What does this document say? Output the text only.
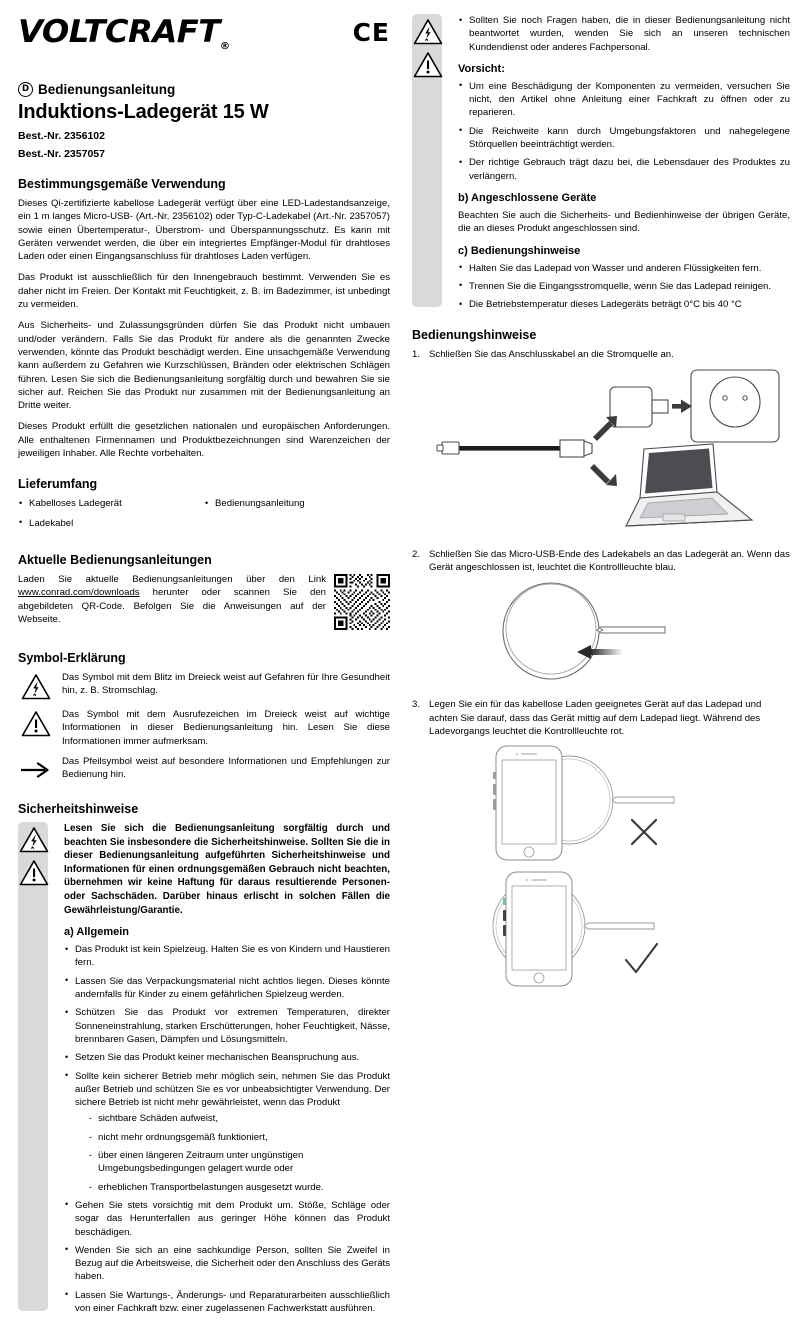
$VOLTCRAFT_®$	CE
D Bedienungsanleitung
Induktions-Ladegerät 15 W
Best.-Nr. 2356102
Best.-Nr. 2357057
Bestimmungsgemäße Verwendung

Dieses Qi-zertifizierte kabellose Ladegerät verfügt über eine LED-Ladestandsanzeige, ein 1 m langes Micro-USB- (Art.-Nr. 2356102) oder Typ-C-Ladekabel (Art.-Nr. 2357057) sowie einen Übertemperatur-, Überstrom- und Überspannungsschutz. Es kann mit Geräten verwendet werden, die über ein integriertes Empfänger-Modul für drahtloses Laden oder einen Eingangsanschluss für drahtloses Laden verfügen.

Das Produkt ist ausschließlich für den Innengebrauch bestimmt. Verwenden Sie es daher nicht im Freien. Der Kontakt mit Feuchtigkeit, z. B. im Badezimmer, ist unbedingt zu vermeiden.

Aus Sicherheits- und Zulassungsgründen dürfen Sie das Produkt nicht umbauen und/oder verändern. Falls Sie das Produkt für andere als die genannten Zwecke verwenden, könnte das Produkt beschädigt werden. Eine unsachgemäße Verwendung kann außerdem zu Gefahren wie Kurzschlüssen, Bränden oder elektrischen Schlägen führen. Lesen Sie sich die Bedienungsanleitung sorgfältig durch und bewahren Sie sie sicher auf. Reichen Sie das Produkt nur zusammen mit der Bedienungsanleitung an Dritte weiter.

Dieses Produkt erfüllt die gesetzlichen nationalen und europäischen Anforderungen. Alle enthaltenen Firmennamen und Produktbezeichnungen sind Warenzeichen der jeweiligen Inhaber. Alle Rechte vorbehalten.

Lieferumfang
• Kabelloses Ladegerät
• Ladekabel
• Bedienungsanleitung
Aktuelle Bedienungsanleitungen

Laden Sie aktuelle Bedienungsanleitungen über den Link www.conrad.com/downloads herunter oder scannen Sie den abgebildeten QR-Code. Befolgen Sie die Anweisungen auf der Webseite.

Symbol-Erklärung

Das Symbol mit dem Blitz im Dreieck weist auf Gefahren für Ihre Gesundheit hin, z. B. Stromschlag.

Das Symbol mit dem Ausrufezeichen im Dreieck weist auf wichtige Informationen in dieser Bedienungsanleitung hin. Lesen Sie diese Informationen immer aufmerksam.

Das Pfeilsymbol weist auf besondere Informationen und Empfehlungen zur Bedienung hin.

Sicherheitshinweise

Lesen Sie sich die Bedienungsanleitung sorgfältig durch und beachten Sie insbesondere die Sicherheitshinweise. Sollten Sie die in dieser Bedienungsanleitung aufgeführten Sicherheitshinweise und Informationen für einen ordnungsgemäßen Gebrauch nicht beachten, übernehmen wir keine Haftung für daraus resultierende Personen- oder Sachschäden. Darüber hinaus erlischt in solchen Fällen die Gewährleistung/Garantie.

a) Allgemein
• Das Produkt ist kein Spielzeug. Halten Sie es von Kindern und Haustieren fern.
• Lassen Sie das Verpackungsmaterial nicht achtlos liegen. Dieses könnte andernfalls für Kinder zu einem gefährlichen Spielzeug werden.
• Schützen Sie das Produkt vor extremen Temperaturen, direkter Sonneneinstrahlung, starken Erschütterungen, hoher Feuchtigkeit, Nässe, brennbaren Gasen, Dämpfen und Lösungsmitteln.
• Setzen Sie das Produkt keiner mechanischen Beanspruchung aus.
• Sollte kein sicherer Betrieb mehr möglich sein, nehmen Sie das Produkt außer Betrieb und schützen Sie es vor unbeabsichtigter Verwendung. Der sichere Betrieb ist nicht mehr gewährleistet, wenn das Produkt
- sichtbare Schäden aufweist,
- nicht mehr ordnungsgemäß funktioniert,
- über einen längeren Zeitraum unter ungünstigen Umgebungsbedingungen gelagert wurde oder
- erheblichen Transportbelastungen ausgesetzt wurde.
• Gehen Sie stets vorsichtig mit dem Produkt um. Stöße, Schläge oder sogar das Herunterfallen aus geringer Höhe können das Produkt beschädigen.
• Wenden Sie sich an eine sachkundige Person, sollten Sie Zweifel in Bezug auf die Arbeitsweise, die Sicherheit oder den Anschluss des Geräts haben.
• Lassen Sie Wartungs-, Änderungs- und Reparaturarbeiten ausschließlich von einer Fachkraft bzw. einer zugelassenen Fachwerkstatt ausführen.
• Sollten Sie noch Fragen haben, die in dieser Bedienungsanleitung nicht beantwortet wurden, wenden Sie sich an unseren technischen Kundendienst oder anderes Fachpersonal.
Vorsicht:
• Um eine Beschädigung der Komponenten zu vermeiden, versuchen Sie nicht, den Artikel ohne Anleitung einer Fachkraft zu öffnen oder zu reparieren.
• Die Reichweite kann durch Umgebungsfaktoren und nahegelegene Störquellen beeinträchtigt werden.
• Der richtige Gebrauch trägt dazu bei, die Lebensdauer des Produktes zu verlängern.
b) Angeschlossene Geräte

Beachten Sie auch die Sicherheits- und Bedienhinweise der übrigen Geräte, die an dieses Produkt angeschlossen sind.

c) Bedienungshinweise
• Halten Sie das Ladepad von Wasser und anderen Flüssigkeiten fern.
• Trennen Sie die Eingangsstromquelle, wenn Sie das Ladepad reinigen.
• Die Betriebstemperatur dieses Ladegeräts beträgt 0°C bis 40 °C
Bedienungshinweise
1. Schließen Sie das Anschlusskabel an die Stromquelle an.
2. Schließen Sie das Micro-USB-Ende des Ladekabels an das Ladegerät an. Wenn das Gerät angeschlossen ist, leuchtet die Kontrollleuchte blau.
3. Legen Sie ein für das kabellose Laden geeignetes Gerät auf das Ladepad und achten Sie darauf, dass das Gerät mittig auf dem Ladepad liegt. Während des Ladevorgangs leuchtet die Kontrollleuchte rot.
